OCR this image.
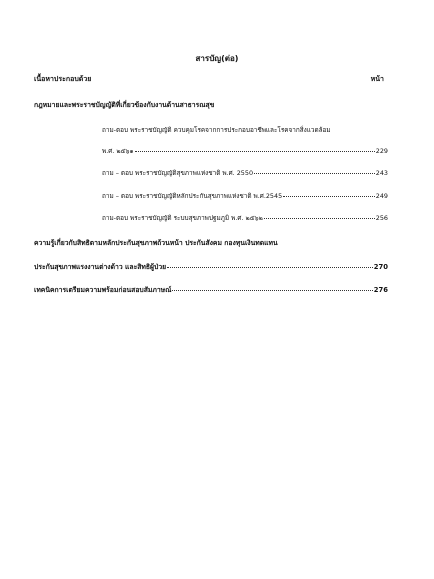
สารบัญ(ต่อ)
เนื้อหาประกอบด้วย	หน้า
กฎหมายและพระราชบัญญัติที่เกี่ยวข้องกับงานด้านสาธารณสุข
ถาม-ตอบ พระราชบัญญัติ ควบคุมโรคจากการประกอบอาชีพและโรคจากสิ่งแวดล้อม
พ.ศ. ๒๕๖๑	229
ถาม – ตอบ พระราชบัญญัติสุขภาพแห่งชาติ พ.ศ. 2550	243
ถาม – ตอบ พระราชบัญญัติหลักประกันสุขภาพแห่งชาติ พ.ศ.2545	249
ถาม-ตอบ พระราชบัญญัติ ระบบสุขภาพปฐมภูมิ พ.ศ. ๒๕๖๒	256
ความรู้เกี่ยวกับสิทธิตามหลักประกันสุขภาพถ้วนหน้า ประกันสังคม กองทุนเงินทดแทน
ประกันสุขภาพแรงงานต่างด้าว และสิทธิผู้ป่วย	270
เทคนิคการเตรียมความพร้อมก่อนสอบสัมภาษณ์	276
